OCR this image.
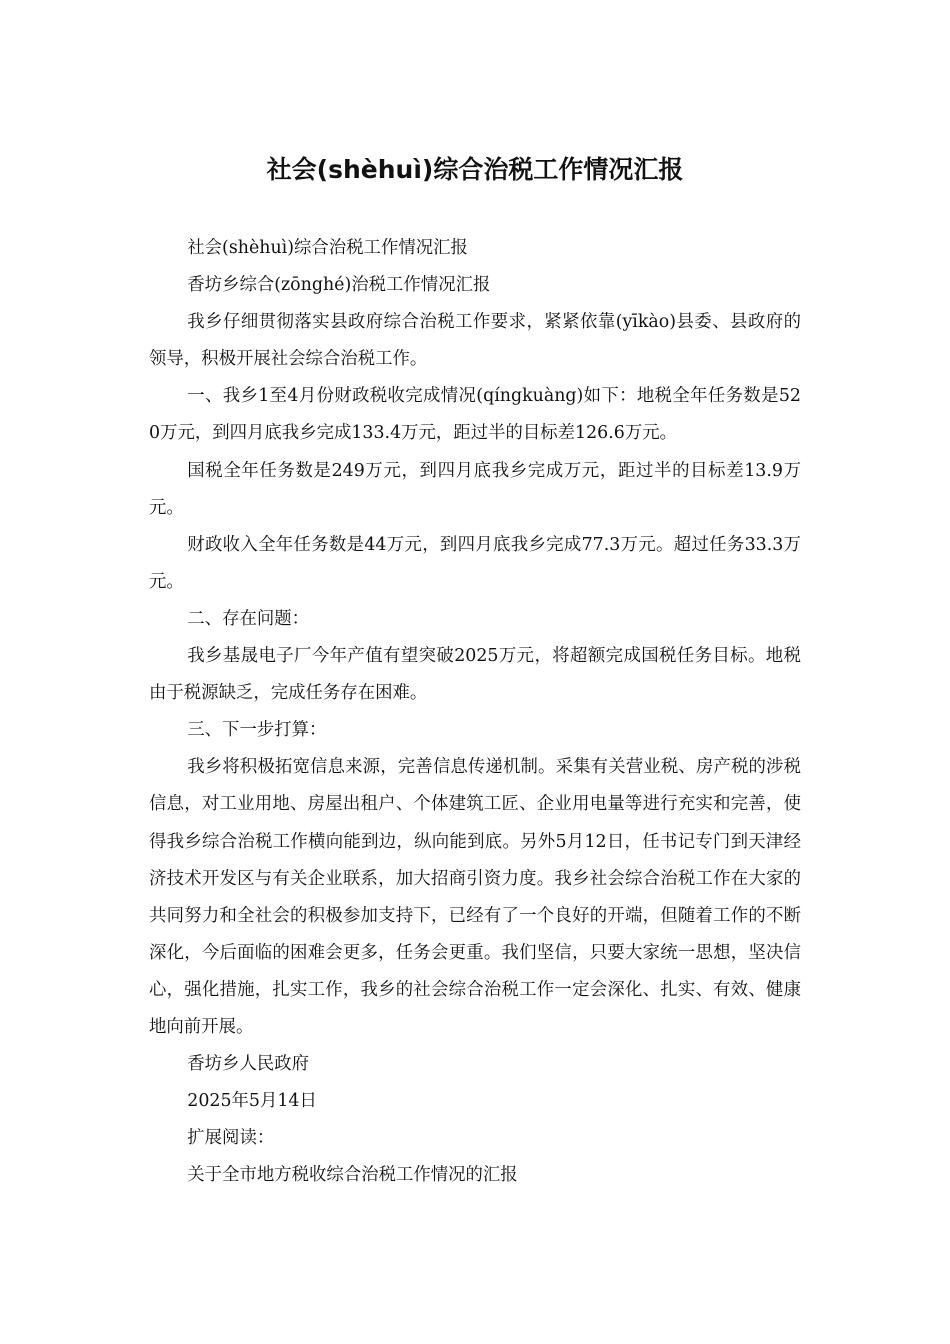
社会(shèhuì)综合治税工作情况汇报

社会(shèhuì)综合治税工作情况汇报

香坊乡综合(zōnghé)治税工作情况汇报

我乡仔细贯彻落实县政府综合治税工作要求，紧紧依靠(yīkào)县委、县政府的领导，积极开展社会综合治税工作。

一、我乡1至4月份财政税收完成情况(qíngkuàng)如下：地税全年任务数是520万元，到四月底我乡完成133.4万元，距过半的目标差126.6万元。

国税全年任务数是249万元，到四月底我乡完成万元，距过半的目标差13.9万元。

财政收入全年任务数是44万元，到四月底我乡完成77.3万元。超过任务33.3万元。

二、存在问题：

我乡基晟电子厂今年产值有望突破2025万元，将超额完成国税任务目标。地税由于税源缺乏，完成任务存在困难。

三、下一步打算：

我乡将积极拓宽信息来源，完善信息传递机制。采集有关营业税、房产税的涉税信息，对工业用地、房屋出租户、个体建筑工匠、企业用电量等进行充实和完善，使得我乡综合治税工作横向能到边，纵向能到底。另外5月12日，任书记专门到天津经济技术开发区与有关企业联系，加大招商引资力度。我乡社会综合治税工作在大家的共同努力和全社会的积极参加支持下，已经有了一个良好的开端，但随着工作的不断深化，今后面临的困难会更多，任务会更重。我们坚信，只要大家统一思想，坚决信心，强化措施，扎实工作，我乡的社会综合治税工作一定会深化、扎实、有效、健康地向前开展。

香坊乡人民政府

2025年5月14日

扩展阅读：

关于全市地方税收综合治税工作情况的汇报
